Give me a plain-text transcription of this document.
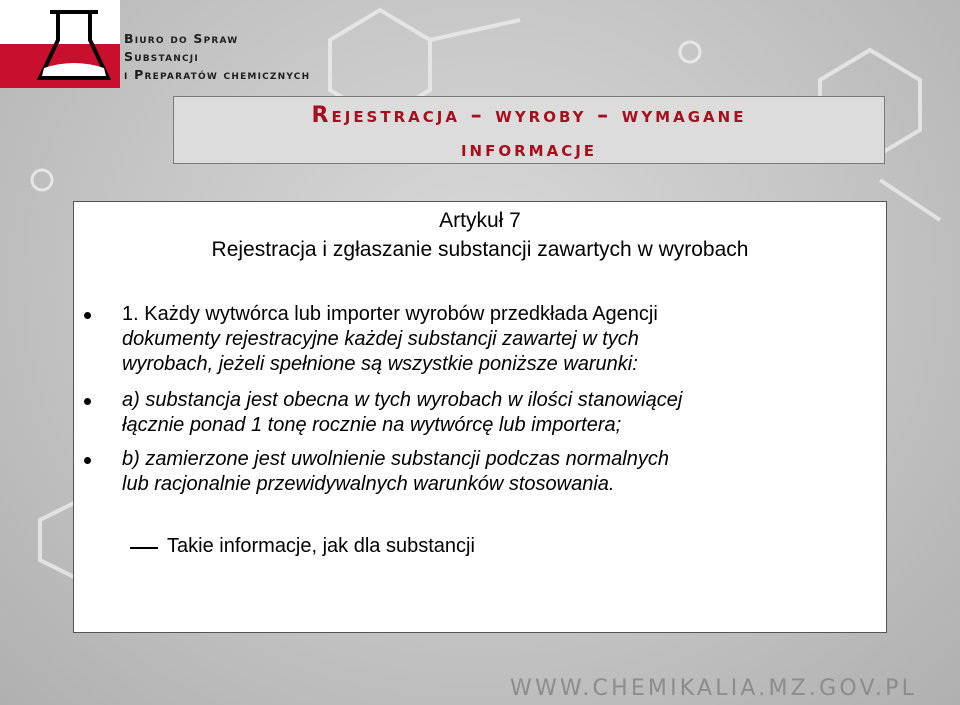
Biuro do Spraw
Substancji
i Preparatów chemicznych
Rejestracja – wyroby – wymagane
informacje
Artykuł 7
Rejestracja i zgłaszanie substancji zawartych w wyrobach
1. Każdy wytwórca lub importer wyrobów przedkłada Agencji
dokumenty rejestracyjne każdej substancji zawartej w tych
wyrobach, jeżeli spełnione są wszystkie poniższe warunki:
a) substancja jest obecna w tych wyrobach w ilości stanowiącej
łącznie ponad 1 tonę rocznie na wytwórcę lub importera;
b) zamierzone jest uwolnienie substancji podczas normalnych
lub racjonalnie przewidywalnych warunków stosowania.
Takie informacje, jak dla substancji
WWW.CHEMIKALIA.MZ.GOV.PL
